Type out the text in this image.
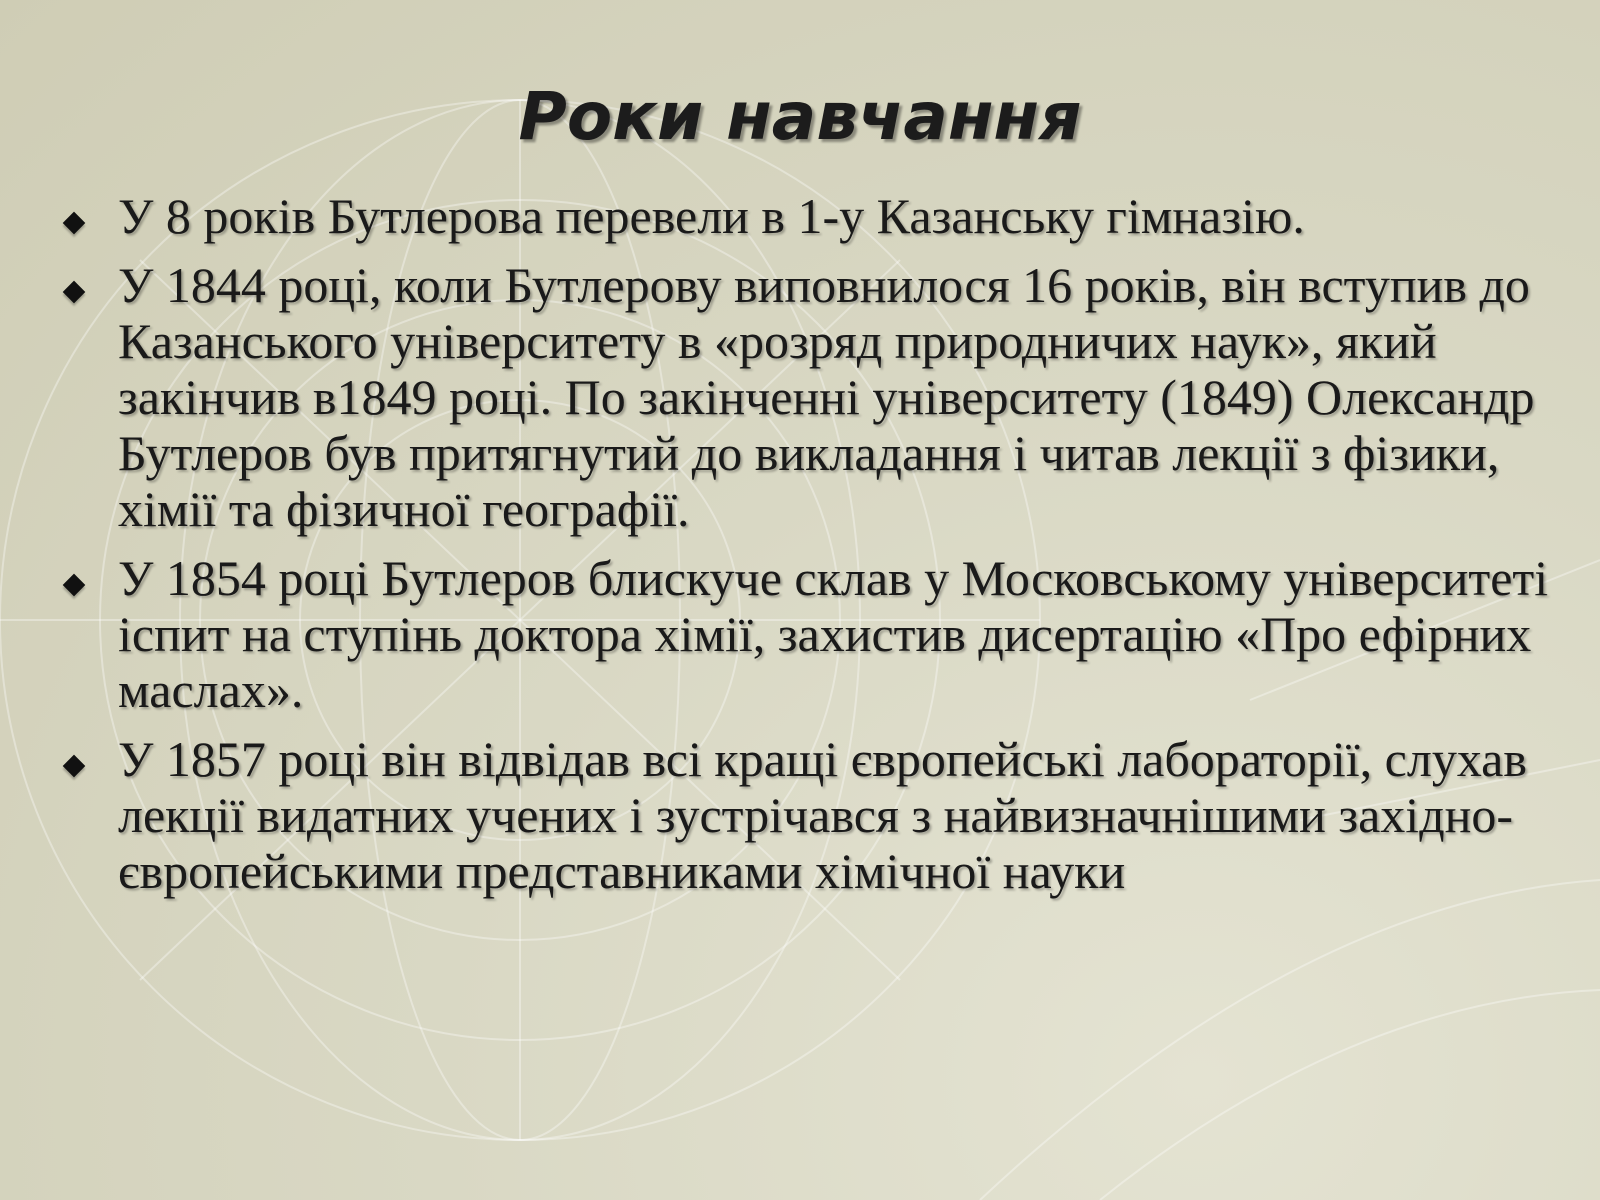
Роки навчання
У 8 років Бутлерова перевели в 1-у Казанську гімназію.
У 1844 році, коли Бутлерову виповнилося 16 років, він вступив до Казанського університету в «розряд природничих наук», який закінчив в1849 році. По закінченні університету (1849) Олександр Бутлеров був притягнутий до викладання і читав лекції з фізики, хімії та фізичної географії.
У 1854 році Бутлеров блискуче склав у Московському університеті іспит на ступінь доктора хімії, захистив дисертацію «Про ефірних маслах».
У 1857 році він відвідав всі кращі європейські лабораторії, слухав лекції видатних учених і зустрічався з найвизначнішими західно-європейськими представниками хімічної науки
